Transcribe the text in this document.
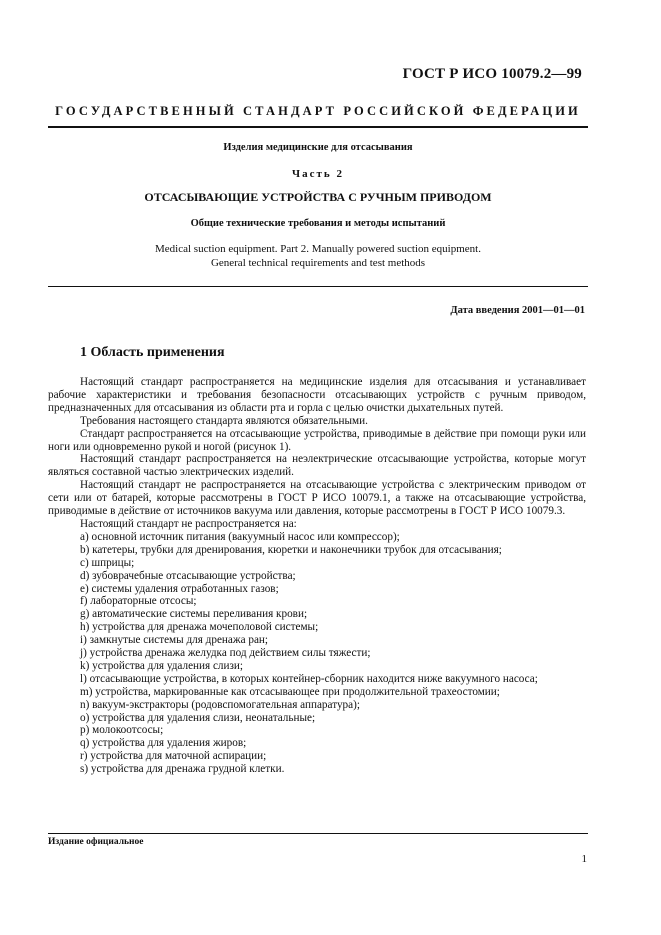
ГОСТ Р ИСО 10079.2—99
ГОСУДАРСТВЕННЫЙ СТАНДАРТ РОССИЙСКОЙ ФЕДЕРАЦИИ
Изделия медицинские для отсасывания
Часть 2
ОТСАСЫВАЮЩИЕ УСТРОЙСТВА С РУЧНЫМ ПРИВОДОМ
Общие технические требования и методы испытаний
Medical suction equipment. Part 2. Manually powered suction equipment.
General technical requirements and test methods
Дата введения 2001—01—01
1 Область применения

Настоящий стандарт распространяется на медицинские изделия для отсасывания и устанавливает рабочие характеристики и требования безопасности отсасывающих устройств с ручным приводом, предназначенных для отсасывания из области рта и горла с целью очистки дыхательных путей.

Требования настоящего стандарта являются обязательными.

Стандарт распространяется на отсасывающие устройства, приводимые в действие при помощи руки или ноги или одновременно рукой и ногой (рисунок 1).

Настоящий стандарт распространяется на неэлектрические отсасывающие устройства, которые могут являться составной частью электрических изделий.

Настоящий стандарт не распространяется на отсасывающие устройства с электрическим приводом от сети или от батарей, которые рассмотрены в ГОСТ Р ИСО 10079.1, а также на отсасывающие устройства, приводимые в действие от источников вакуума или давления, которые рассмотрены в ГОСТ Р ИСО 10079.3.

Настоящий стандарт не распространяется на:

a) основной источник питания (вакуумный насос или компрессор);
b) катетеры, трубки для дренирования, кюретки и наконечники трубок для отсасывания;
c) шприцы;
d) зубоврачебные отсасывающие устройства;
e) системы удаления отработанных газов;
f) лабораторные отсосы;
g) автоматические системы переливания крови;
h) устройства для дренажа мочеполовой системы;
i) замкнутые системы для дренажа ран;
j) устройства дренажа желудка под действием силы тяжести;
k) устройства для удаления слизи;
l) отсасывающие устройства, в которых контейнер-сборник находится ниже вакуумного насоса;
m) устройства, маркированные как отсасывающее при продолжительной трахеостомии;
n) вакуум-экстракторы (родовспомогательная аппаратура);
o) устройства для удаления слизи, неонатальные;
p) молокоотсосы;
q) устройства для удаления жиров;
r) устройства для маточной аспирации;
s) устройства для дренажа грудной клетки.
Издание официальное
1
